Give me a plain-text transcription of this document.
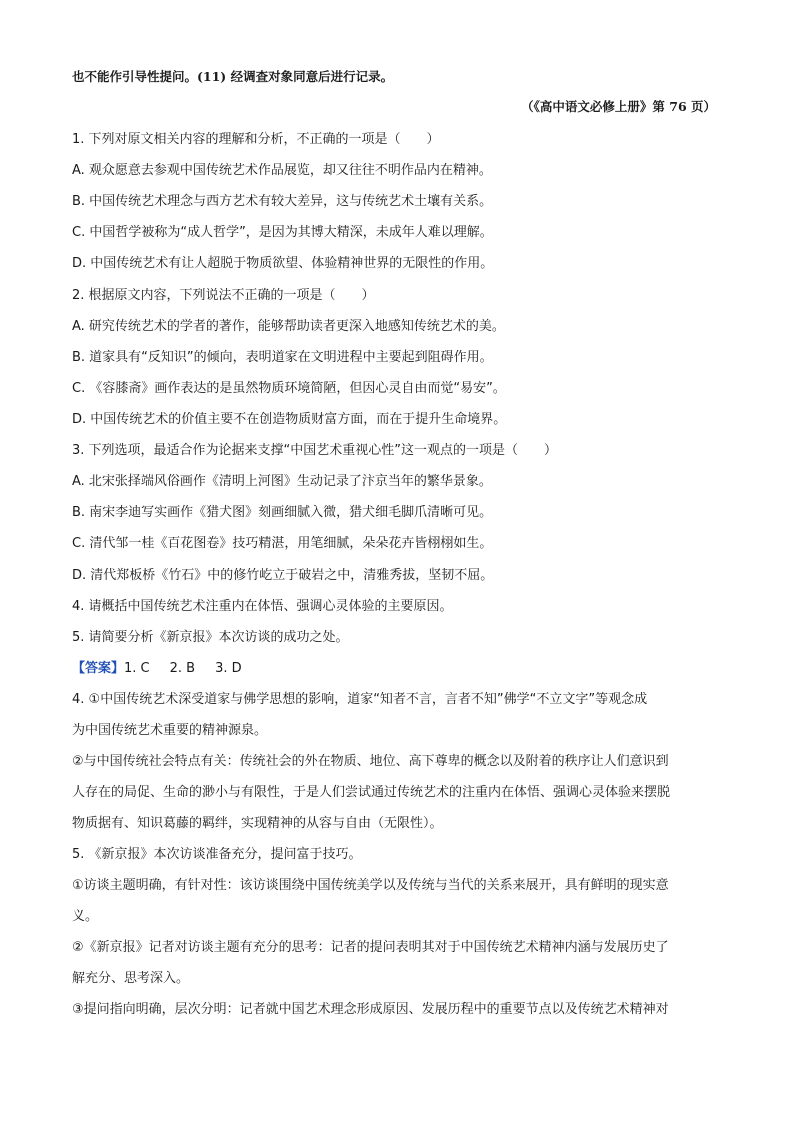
也不能作引导性提问。(11) 经调查对象同意后进行记录。
（《高中语文必修上册》第 76 页）
1. 下列对原文相关内容的理解和分析，不正确的一项是（　　）
A. 观众愿意去参观中国传统艺术作品展览，却又往往不明作品内在精神。
B. 中国传统艺术理念与西方艺术有较大差异，这与传统艺术土壤有关系。
C. 中国哲学被称为“成人哲学”，是因为其博大精深，未成年人难以理解。
D. 中国传统艺术有让人超脱于物质欲望、体验精神世界的无限性的作用。
2. 根据原文内容，下列说法不正确的一项是（　　）
A. 研究传统艺术的学者的著作，能够帮助读者更深入地感知传统艺术的美。
B. 道家具有“反知识”的倾向，表明道家在文明进程中主要起到阻碍作用。
C. 《容膝斋》画作表达的是虽然物质环境简陋，但因心灵自由而觉“易安”。
D. 中国传统艺术的价值主要不在创造物质财富方面，而在于提升生命境界。
3. 下列选项，最适合作为论据来支撑“中国艺术重视心性”这一观点的一项是（　　）
A. 北宋张择端风俗画作《清明上河图》生动记录了汴京当年的繁华景象。
B. 南宋李迪写实画作《猎犬图》刻画细腻入微，猎犬细毛脚爪清晰可见。
C. 清代邹一桂《百花图卷》技巧精湛，用笔细腻，朵朵花卉皆栩栩如生。
D. 清代郑板桥《竹石》中的修竹屹立于破岩之中，清雅秀拔，坚韧不屈。
4. 请概括中国传统艺术注重内在体悟、强调心灵体验的主要原因。
5. 请简要分析《新京报》本次访谈的成功之处。
【答案】1. C 2. B 3. D
4. ①中国传统艺术深受道家与佛学思想的影响，道家“知者不言，言者不知”佛学“不立文字”等观念成
为中国传统艺术重要的精神源泉。
②与中国传统社会特点有关：传统社会的外在物质、地位、高下尊卑的概念以及附着的秩序让人们意识到
人存在的局促、生命的渺小与有限性，于是人们尝试通过传统艺术的注重内在体悟、强调心灵体验来摆脱
物质据有、知识葛藤的羁绊，实现精神的从容与自由（无限性）。
5. 《新京报》本次访谈准备充分，提问富于技巧。
①访谈主题明确，有针对性：该访谈围绕中国传统美学以及传统与当代的关系来展开，具有鲜明的现实意
义。
②《新京报》记者对访谈主题有充分的思考：记者的提问表明其对于中国传统艺术精神内涵与发展历史了
解充分、思考深入。
③提问指向明确，层次分明：记者就中国艺术理念形成原因、发展历程中的重要节点以及传统艺术精神对
